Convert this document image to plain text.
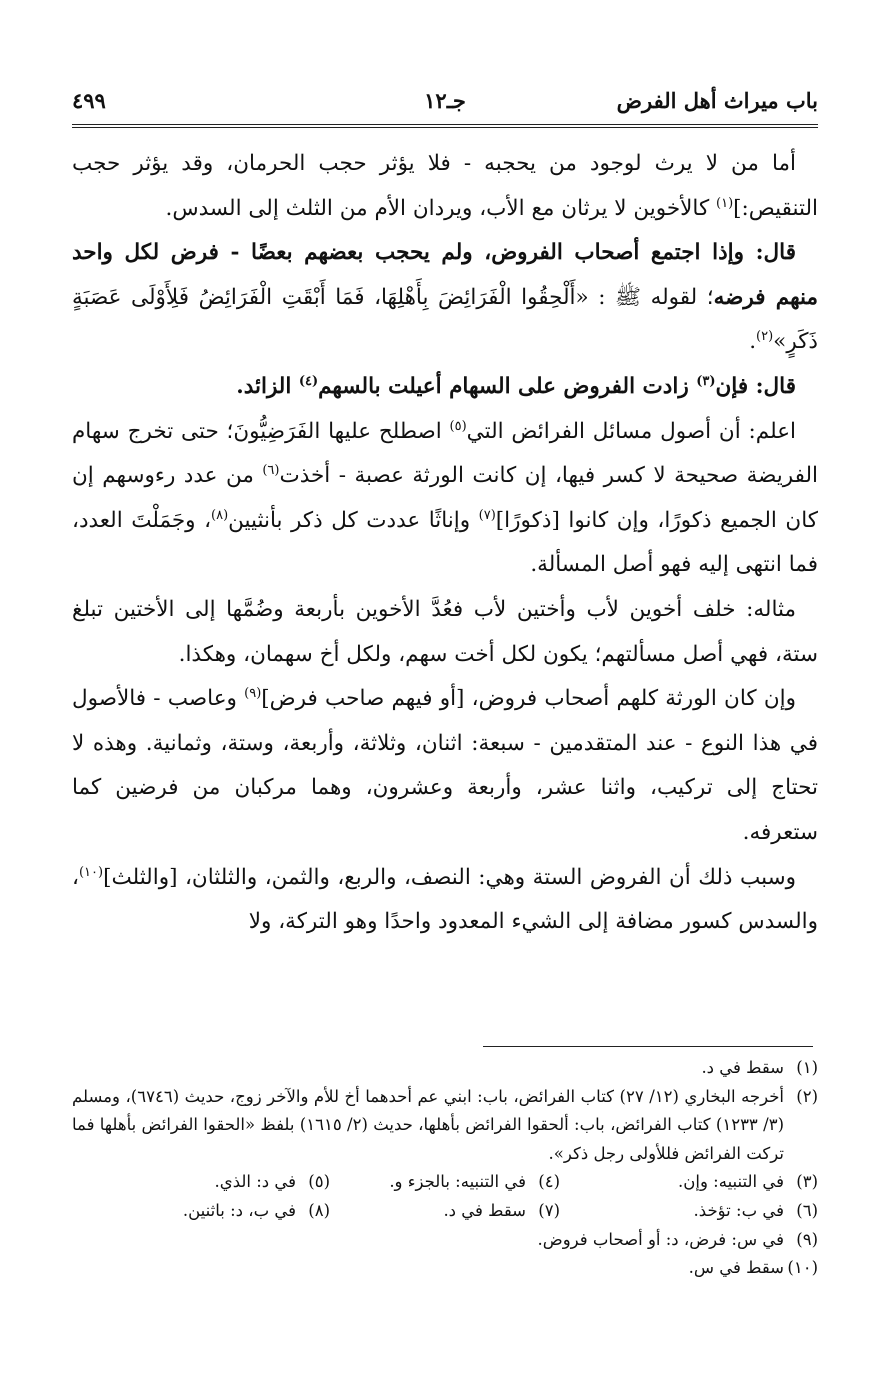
باب ميراث أهل الفرض
جـ١٢
٤٩٩

أما من لا يرث لوجود من يحجبه - فلا يؤثر حجب الحرمان، وقد يؤثر حجب التنقيص:]$^{(١)}$ كالأخوين لا يرثان مع الأب، ويردان الأم من الثلث إلى السدس.

قال: وإذا اجتمع أصحاب الفروض، ولم يحجب بعضهم بعضًا - فرض لكل واحد منهم فرضه؛ لقوله ﷺ : «أَلْحِقُوا الْفَرَائِضَ بِأَهْلِهَا، فَمَا أَبْقَتِ الْفَرَائِضُ فَلِأَوْلَى عَصَبَةٍ ذَكَرٍ»$^{(٢)}$.

قال: فإن$^{(٣)}$ زادت الفروض على السهام أعيلت بالسهم$^{(٤)}$ الزائد.

اعلم: أن أصول مسائل الفرائض التي$^{(٥)}$ اصطلح عليها الفَرَضِيُّونَ؛ حتى تخرج سهام الفريضة صحيحة لا كسر فيها، إن كانت الورثة عصبة - أخذت$^{(٦)}$ من عدد رءوسهم إن كان الجميع ذكورًا، وإن كانوا [ذكورًا]$^{(٧)}$ وإناثًا عددت كل ذكر بأنثيين$^{(٨)}$، وجَمَلْتَ العدد، فما انتهى إليه فهو أصل المسألة.

مثاله: خلف أخوين لأب وأختين لأب فعُدَّ الأخوين بأربعة وضُمَّها إلى الأختين تبلغ ستة، فهي أصل مسألتهم؛ يكون لكل أخت سهم، ولكل أخ سهمان، وهكذا.

وإن كان الورثة كلهم أصحاب فروض، [أو فيهم صاحب فرض]$^{(٩)}$ وعاصب - فالأصول في هذا النوع - عند المتقدمين - سبعة: اثنان، وثلاثة، وأربعة، وستة، وثمانية. وهذه لا تحتاج إلى تركيب، واثنا عشر، وأربعة وعشرون، وهما مركبان من فرضين كما ستعرفه.

وسبب ذلك أن الفروض الستة وهي: النصف، والربع، والثمن، والثلثان، [والثلث]$^{(١٠)}$، والسدس كسور مضافة إلى الشيء المعدود واحدًا وهو التركة، ولا

(١)
سقط في د.

(٢)
أخرجه البخاري (١٢/ ٢٧) كتاب الفرائض، باب: ابني عم أحدهما أخ للأم والآخر زوج، حديث (٦٧٤٦)، ومسلم (٣/ ١٢٣٣) كتاب الفرائض، باب: ألحقوا الفرائض بأهلها، حديث (٢/ ١٦١٥) بلفظ «الحقوا الفرائض بأهلها فما تركت الفرائض فللأولى رجل ذكر».

(٣)
في التنبيه: وإن.
(٤)
في التنبيه: بالجزء و.
(٥)
في د: الذي.
(٦)
في ب: تؤخذ.
(٧)
سقط في د.
(٨)
في ب، د: باثنين.

(٩)
في س: فرض، د: أو أصحاب فروض.

(١٠)
سقط في س.
